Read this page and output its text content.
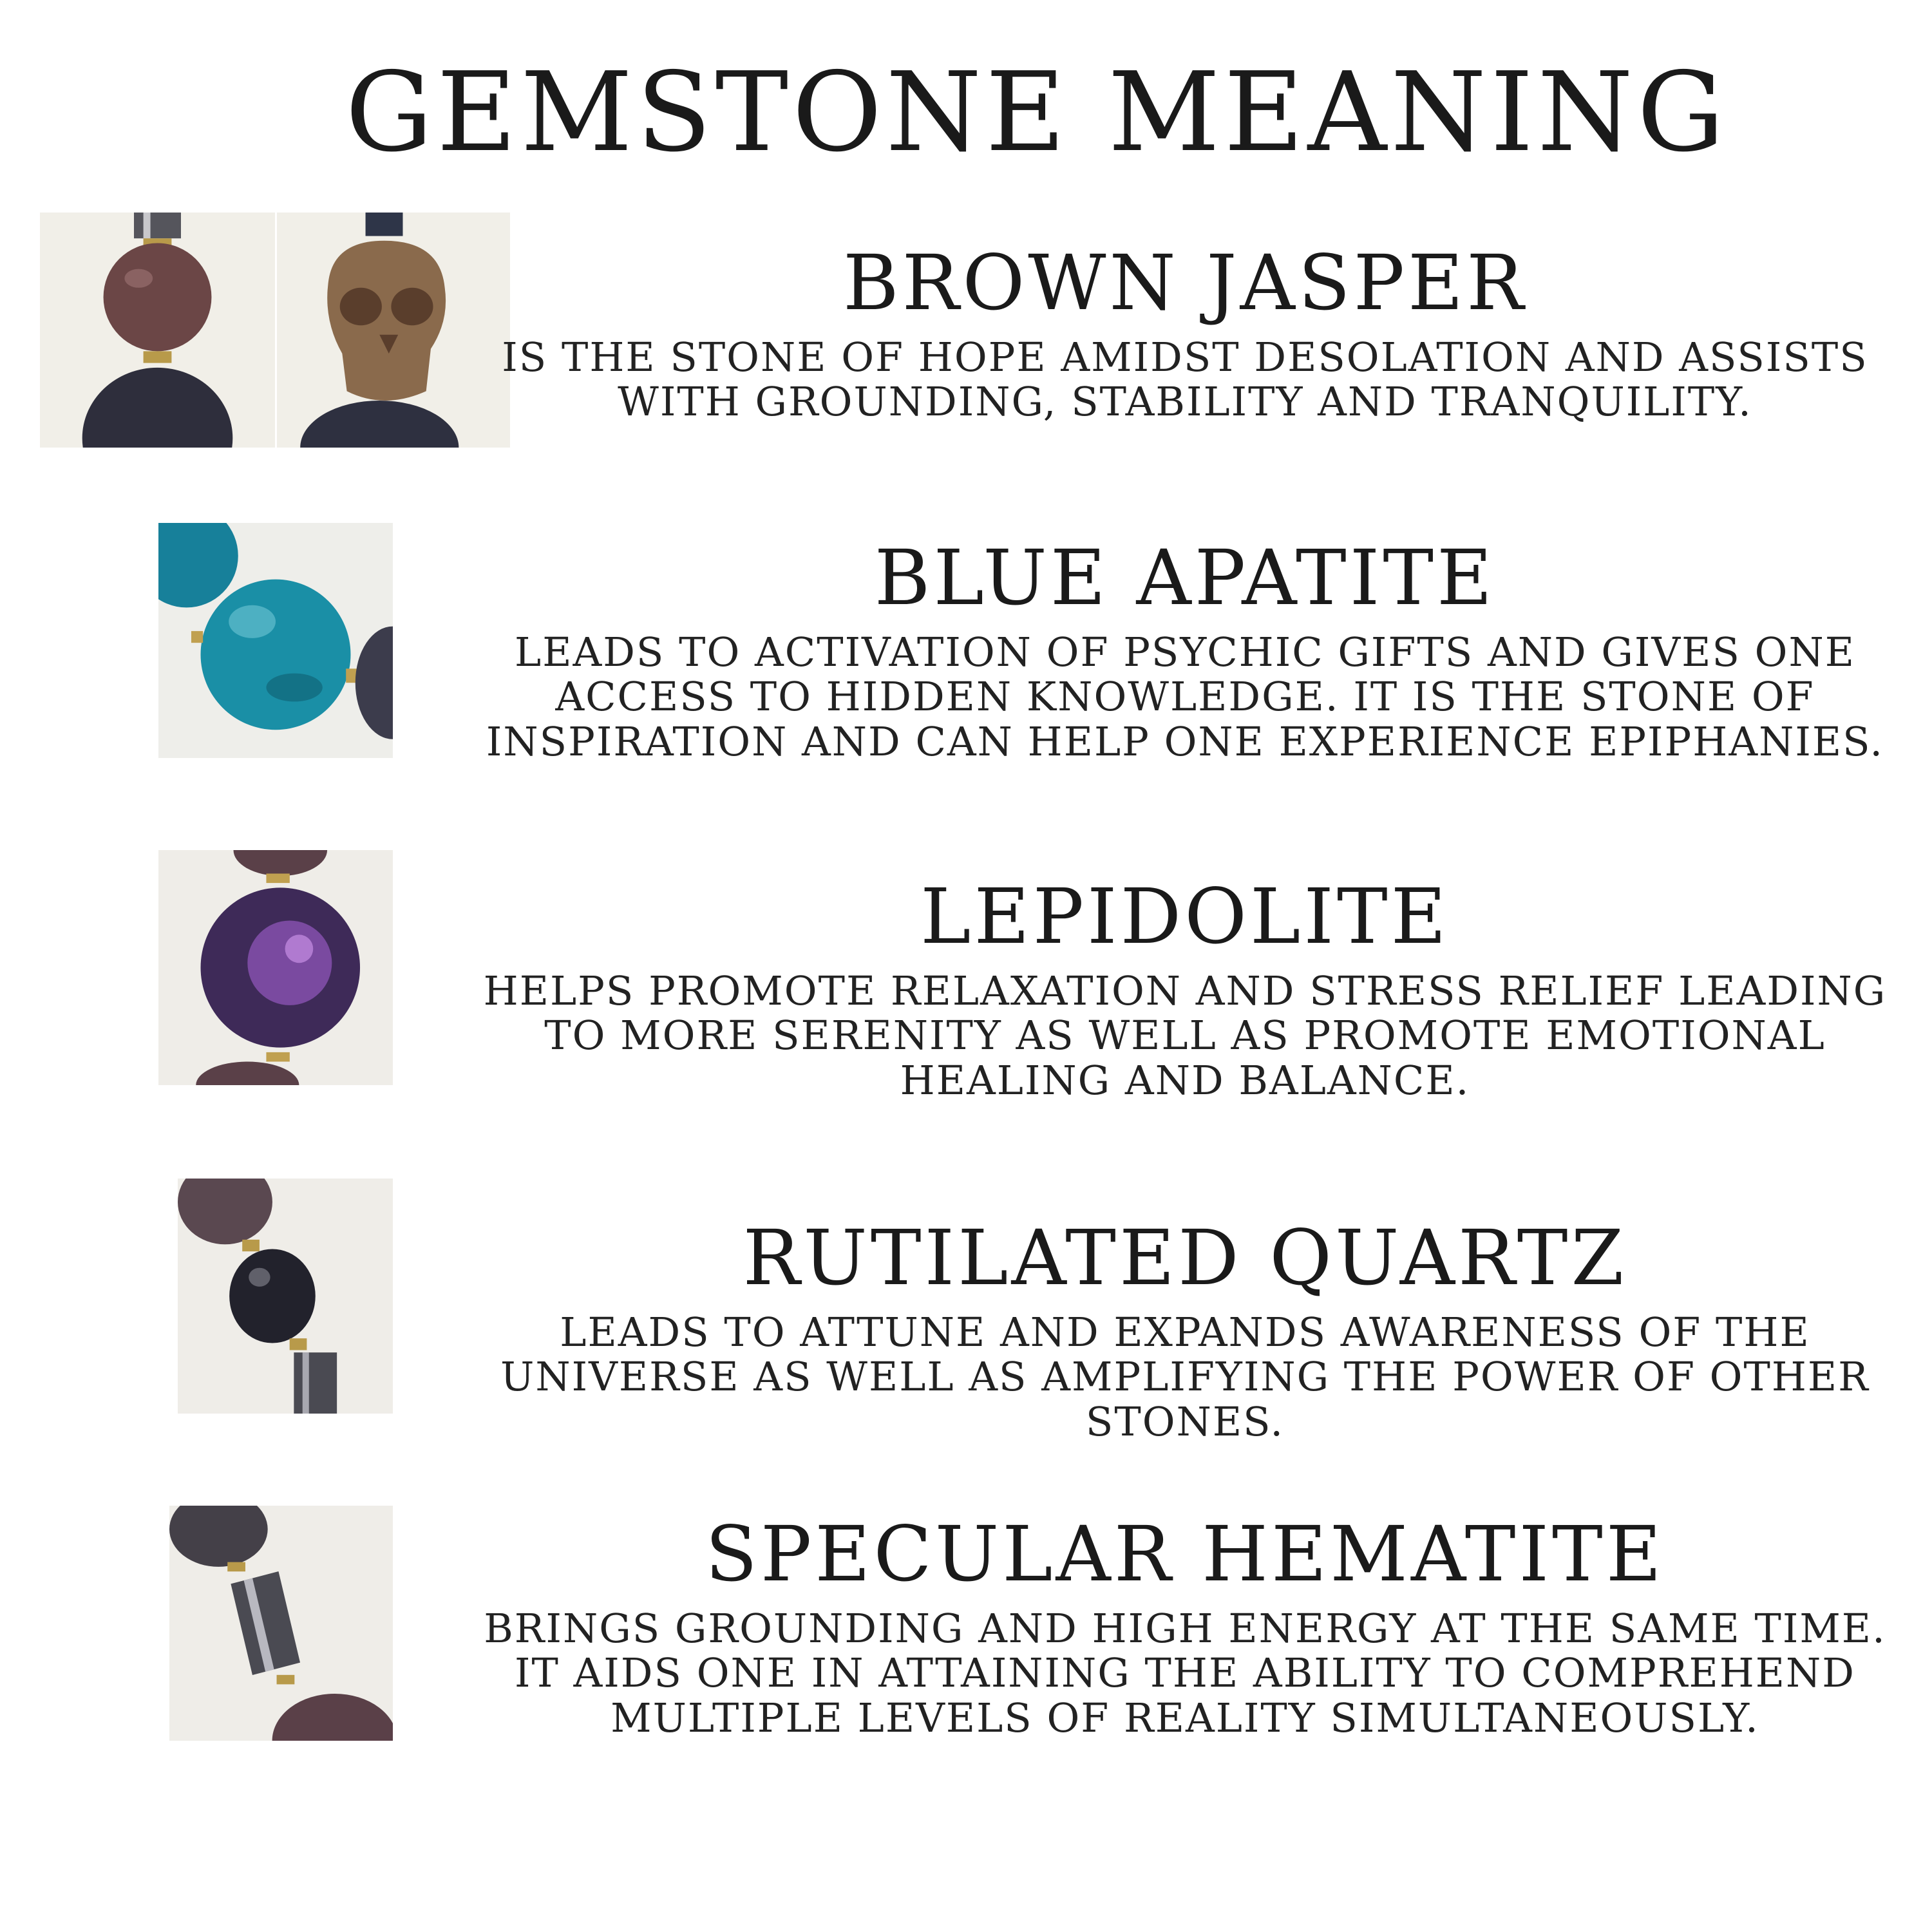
GEMSTONE MEANING
BROWN JASPER

IS THE STONE OF HOPE AMIDST DESOLATION AND ASSISTS WITH GROUNDING, STABILITY AND TRANQUILITY.

BLUE APATITE

LEADS TO ACTIVATION OF PSYCHIC GIFTS AND GIVES ONE ACCESS TO HIDDEN KNOWLEDGE. IT IS THE STONE OF INSPIRATION AND CAN HELP ONE EXPERIENCE EPIPHANIES.

LEPIDOLITE

HELPS PROMOTE RELAXATION AND STRESS RELIEF LEADING TO MORE SERENITY AS WELL AS PROMOTE EMOTIONAL HEALING AND BALANCE.

RUTILATED QUARTZ

LEADS TO ATTUNE AND EXPANDS AWARENESS OF THE UNIVERSE AS WELL AS AMPLIFYING THE POWER OF OTHER STONES.

SPECULAR HEMATITE

BRINGS GROUNDING AND HIGH ENERGY AT THE SAME TIME. IT AIDS ONE IN ATTAINING THE ABILITY TO COMPREHEND MULTIPLE LEVELS OF REALITY SIMULTANEOUSLY.
